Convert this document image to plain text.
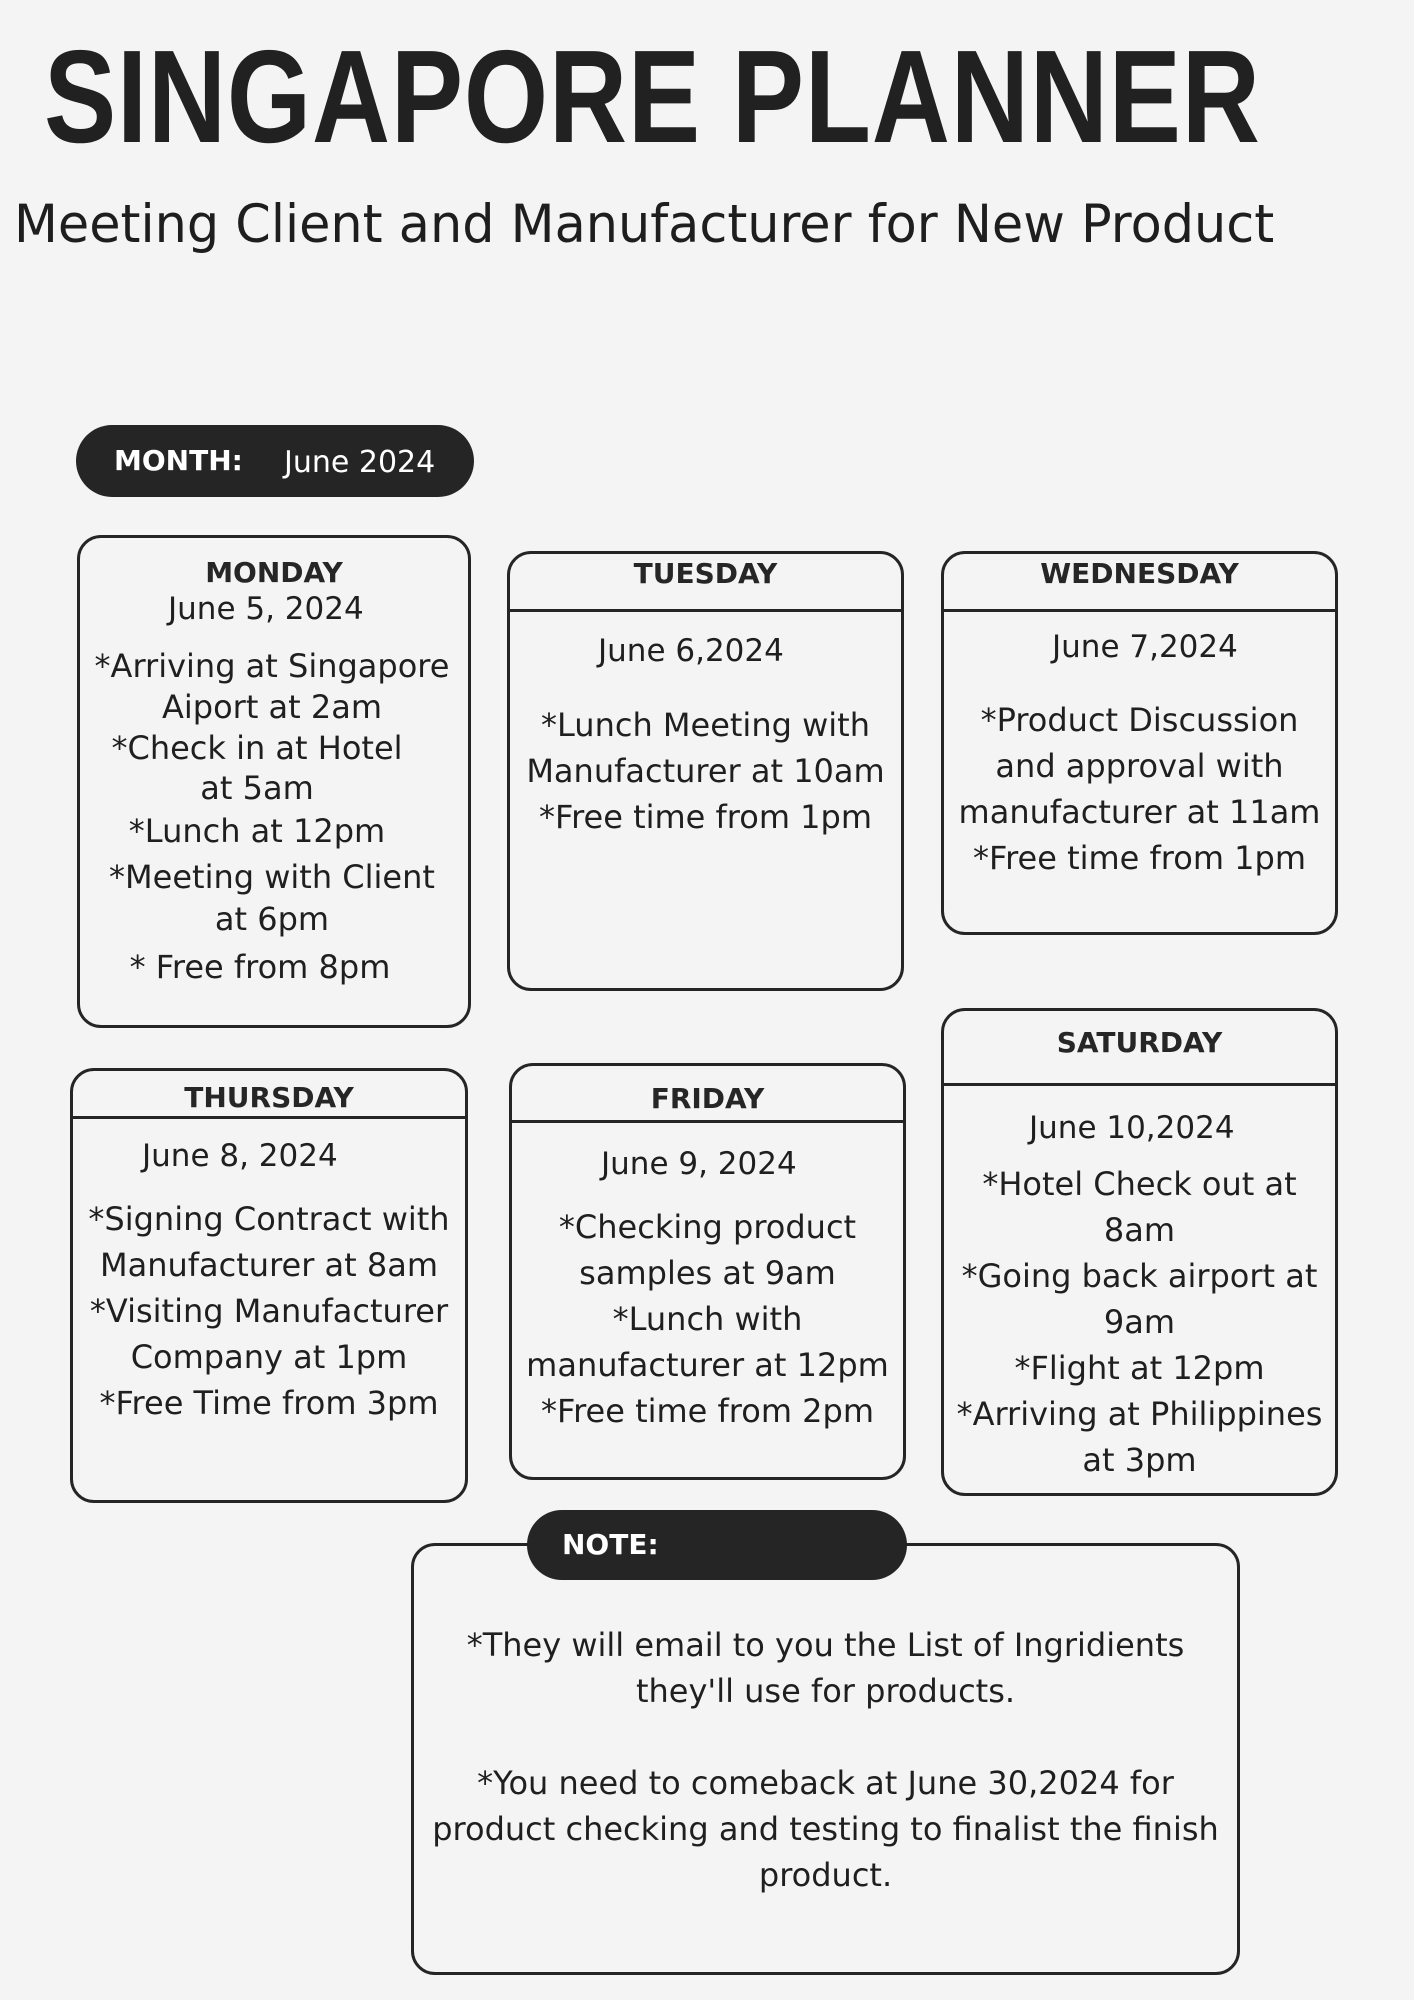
SINGAPORE PLANNER
Meeting Client and Manufacturer for New Product
MONTH: June 2024
MONDAY
June 5, 2024
*Arriving at Singapore
Aiport at 2am
*Check in at Hotel
at 5am
*Lunch at 12pm
*Meeting with Client
at 6pm
* Free from 8pm
TUESDAY
June 6,2024
*Lunch Meeting with
Manufacturer at 10am
*Free time from 1pm
WEDNESDAY
June 7,2024
*Product Discussion
and approval with
manufacturer at 11am
*Free time from 1pm
THURSDAY
June 8, 2024
*Signing Contract with
Manufacturer at 8am
*Visiting Manufacturer
Company at 1pm
*Free Time from 3pm
FRIDAY
June 9, 2024
*Checking product
samples at 9am
*Lunch with
manufacturer at 12pm
*Free time from 2pm
SATURDAY
June 10,2024
*Hotel Check out at
8am
*Going back airport at
9am
*Flight at 12pm
*Arriving at Philippines
at 3pm
*They will email to you the List of Ingridients
they'll use for products.
*You need to comeback at June 30,2024 for
product checking and testing to finalist the finish
product.
NOTE:
